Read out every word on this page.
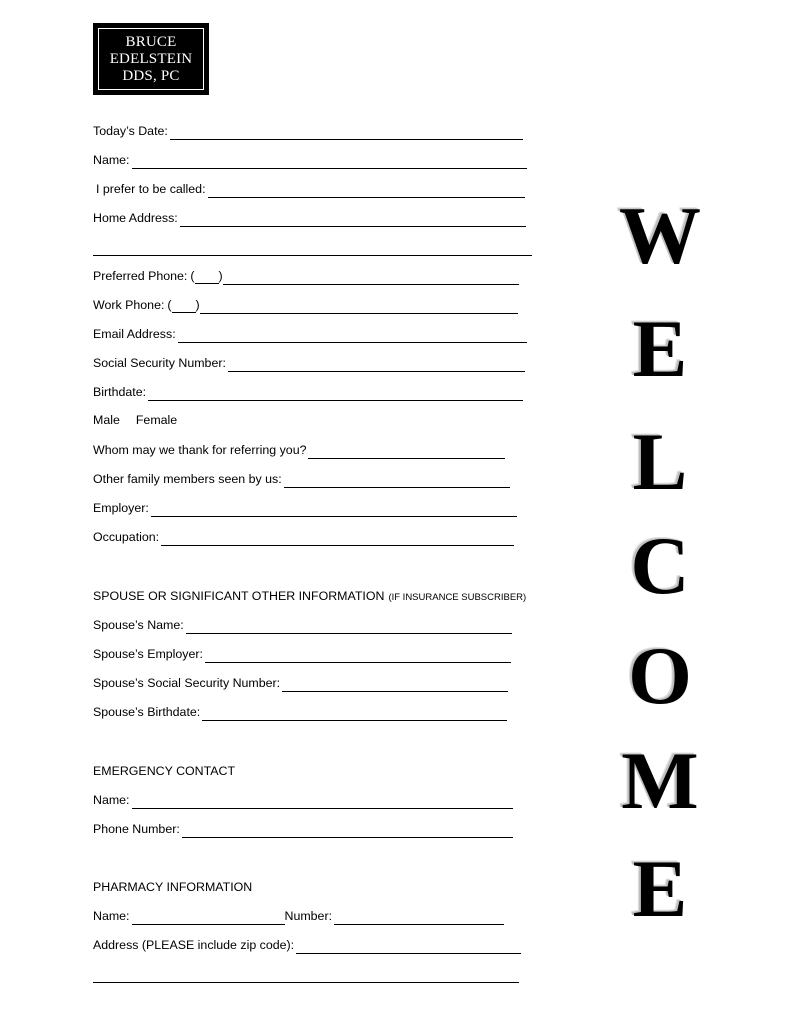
BRUCE
EDELSTEIN
DDS, PC
Today’s Date:
Name:
I prefer to be called:
Home Address:
Preferred Phone: ( )
Work Phone: ( )
Email Address:
Social Security Number:
Birthdate:
Male Female
Whom may we thank for referring you?
Other family members seen by us:
Employer:
Occupation:
SPOUSE OR SIGNIFICANT OTHER INFORMATION (IF INSURANCE SUBSCRIBER)
Spouse’s Name:
Spouse’s Employer:
Spouse’s Social Security Number:
Spouse’s Birthdate:
EMERGENCY CONTACT
Name:
Phone Number:
PHARMACY INFORMATION
Name:	Number:
Address (PLEASE include zip code):
W
E
L
C
O
M
E
